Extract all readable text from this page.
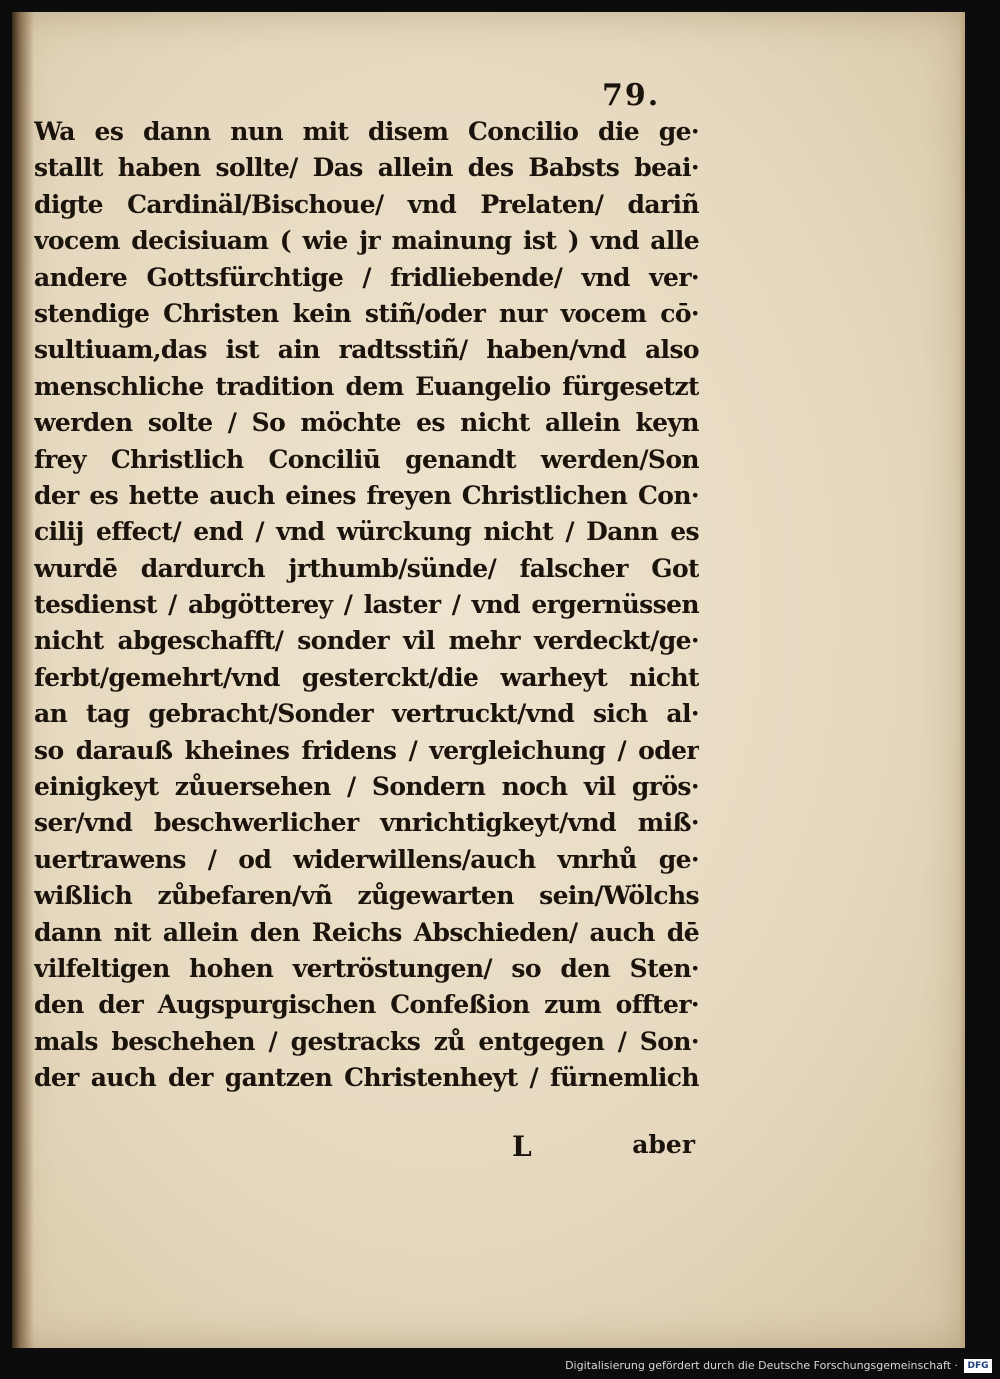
79.
Wa es dann nun mit disem Concilio die ge·
stallt haben sollte/ Das allein des Babsts beai·
digte Cardinäl/Bischoue/ vnd Prelaten/ dariñ
vocem decisiuam ( wie jr mainung ist ) vnd alle
andere Gottsfürchtige / fridliebende/ vnd ver·
stendige Christen kein stiñ/oder nur vocem cō·
sultiuam,das ist ain radtsstiñ/ haben/vnd also
menschliche tradition dem Euangelio fürgesetzt
werden solte / So möchte es nicht allein keyn
frey Christlich Conciliū genandt werden/Son
der es hette auch eines freyen Christlichen Con·
cilij effect/ end / vnd würckung nicht / Dann es
wurdē dardurch jrthumb/sünde/ falscher Got
tesdienst / abgötterey / laster / vnd ergernüssen
nicht abgeschafft/ sonder vil mehr verdeckt/ge·
ferbt/gemehrt/vnd gesterckt/die warheyt nicht
an tag gebracht/Sonder vertruckt/vnd sich al·
so darauß kheines fridens / vergleichung / oder
einigkeyt zůuersehen / Sondern noch vil grös·
ser/vnd beschwerlicher vnrichtigkeyt/vnd miß·
uertrawens / od widerwillens/auch vnrhů ge·
wißlich zůbefaren/vñ zůgewarten sein/Wölchs
dann nit allein den Reichs Abschieden/ auch dē
vilfeltigen hohen vertröstungen/ so den Sten·
den der Augspurgischen Confeßion zum offter·
mals beschehen / gestracks zů entgegen / Son·
der auch der gantzen Christenheyt / fürnemlich
L	aber
Digitalisierung gefördert durch die Deutsche Forschungsgemeinschaft ·	DFG
